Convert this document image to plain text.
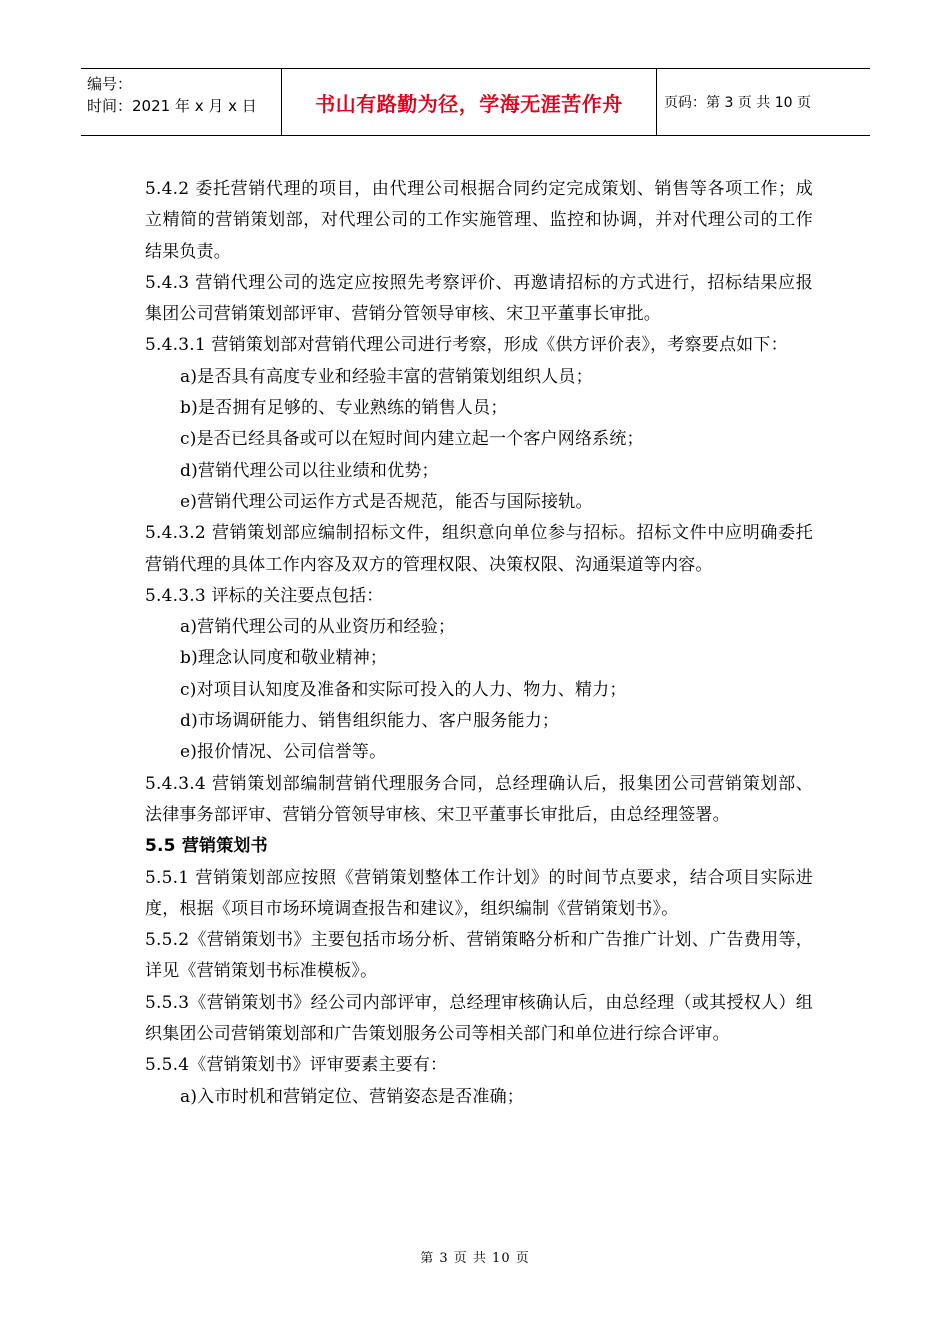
编号：
时间：2021 年 x 月 x 日	书山有路勤为径，学海无涯苦作舟	页码：第 3 页 共 10 页

5.4.2 委托营销代理的项目，由代理公司根据合同约定完成策划、销售等各项工作；成立精简的营销策划部，对代理公司的工作实施管理、监控和协调，并对代理公司的工作结果负责。

5.4.3 营销代理公司的选定应按照先考察评价、再邀请招标的方式进行，招标结果应报集团公司营销策划部评审、营销分管领导审核、宋卫平董事长审批。

5.4.3.1 营销策划部对营销代理公司进行考察，形成《供方评价表》，考察要点如下：

a)是否具有高度专业和经验丰富的营销策划组织人员；

b)是否拥有足够的、专业熟练的销售人员；

c)是否已经具备或可以在短时间内建立起一个客户网络系统；

d)营销代理公司以往业绩和优势；

e)营销代理公司运作方式是否规范，能否与国际接轨。

5.4.3.2 营销策划部应编制招标文件，组织意向单位参与招标。招标文件中应明确委托营销代理的具体工作内容及双方的管理权限、决策权限、沟通渠道等内容。

5.4.3.3 评标的关注要点包括：

a)营销代理公司的从业资历和经验；

b)理念认同度和敬业精神；

c)对项目认知度及准备和实际可投入的人力、物力、精力；

d)市场调研能力、销售组织能力、客户服务能力；

e)报价情况、公司信誉等。

5.4.3.4 营销策划部编制营销代理服务合同，总经理确认后，报集团公司营销策划部、法律事务部评审、营销分管领导审核、宋卫平董事长审批后，由总经理签署。

5.5 营销策划书

5.5.1 营销策划部应按照《营销策划整体工作计划》的时间节点要求，结合项目实际进度，根据《项目市场环境调查报告和建议》，组织编制《营销策划书》。

5.5.2《营销策划书》主要包括市场分析、营销策略分析和广告推广计划、广告费用等，详见《营销策划书标准模板》。

5.5.3《营销策划书》经公司内部评审，总经理审核确认后，由总经理（或其授权人）组织集团公司营销策划部和广告策划服务公司等相关部门和单位进行综合评审。

5.5.4《营销策划书》评审要素主要有：

a)入市时机和营销定位、营销姿态是否准确；

第 3 页 共 10 页
